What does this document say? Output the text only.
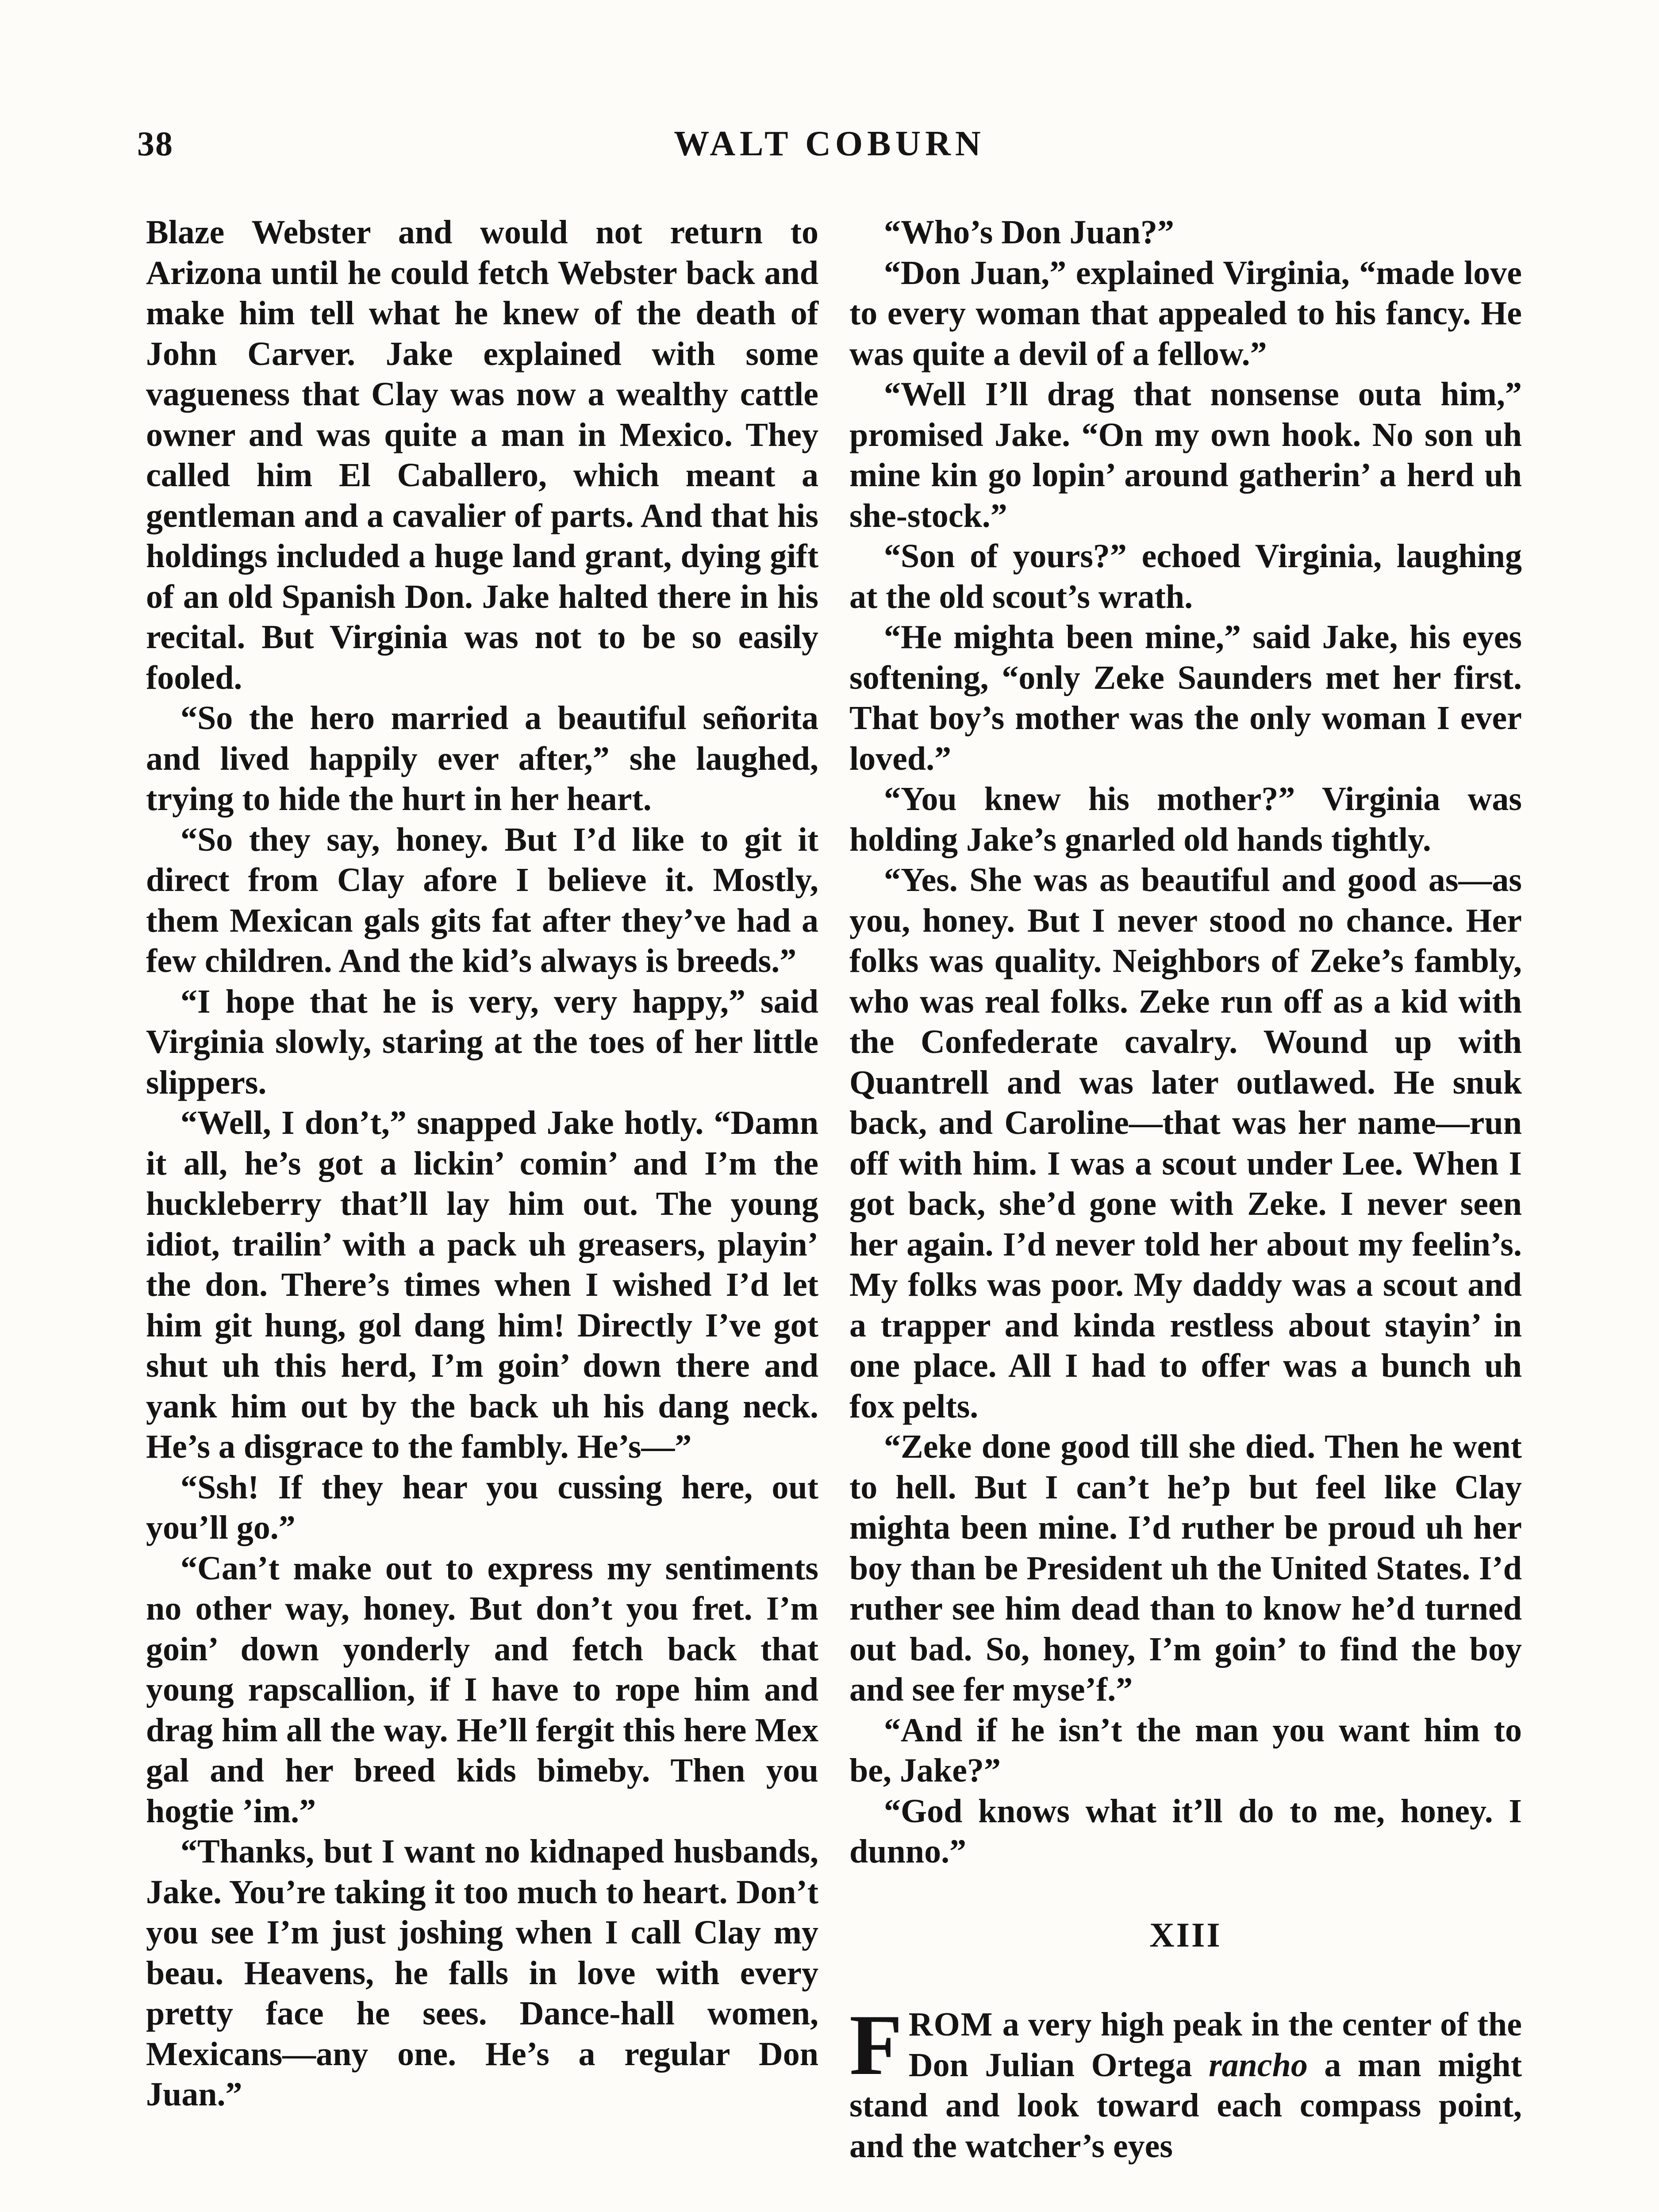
38	WALT COBURN

Blaze Webster and would not return to Arizona until he could fetch Webster back and make him tell what he knew of the death of John Carver. Jake explained with some vagueness that Clay was now a wealthy cattle owner and was quite a man in Mexico. They called him El Caballero, which meant a gentleman and a cavalier of parts. And that his holdings included a huge land grant, dying gift of an old Spanish Don. Jake halted there in his recital. But Virginia was not to be so easily fooled.

“So the hero married a beautiful señorita and lived happily ever after,” she laughed, trying to hide the hurt in her heart.

“So they say, honey. But I’d like to git it direct from Clay afore I believe it. Mostly, them Mexican gals gits fat after they’ve had a few children. And the kid’s always is breeds.”

“I hope that he is very, very happy,” said Virginia slowly, staring at the toes of her little slippers.

“Well, I don’t,” snapped Jake hotly. “Damn it all, he’s got a lickin’ comin’ and I’m the huckleberry that’ll lay him out. The young idiot, trailin’ with a pack uh greasers, playin’ the don. There’s times when I wished I’d let him git hung, gol dang him! Directly I’ve got shut uh this herd, I’m goin’ down there and yank him out by the back uh his dang neck. He’s a disgrace to the fambly. He’s—”

“Ssh! If they hear you cussing here, out you’ll go.”

“Can’t make out to express my sentiments no other way, honey. But don’t you fret. I’m goin’ down yonderly and fetch back that young rapscallion, if I have to rope him and drag him all the way. He’ll fergit this here Mex gal and her breed kids bimeby. Then you hogtie ’im.”

“Thanks, but I want no kidnaped husbands, Jake. You’re taking it too much to heart. Don’t you see I’m just joshing when I call Clay my beau. Heavens, he falls in love with every pretty face he sees. Dance-hall women, Mexicans—any one. He’s a regular Don Juan.”

“Who’s Don Juan?”

“Don Juan,” explained Virginia, “made love to every woman that appealed to his fancy. He was quite a devil of a fellow.”

“Well I’ll drag that nonsense outa him,” promised Jake. “On my own hook. No son uh mine kin go lopin’ around gatherin’ a herd uh she-stock.”

“Son of yours?” echoed Virginia, laughing at the old scout’s wrath.

“He mighta been mine,” said Jake, his eyes softening, “only Zeke Saunders met her first. That boy’s mother was the only woman I ever loved.”

“You knew his mother?” Virginia was holding Jake’s gnarled old hands tightly.

“Yes. She was as beautiful and good as—as you, honey. But I never stood no chance. Her folks was quality. Neighbors of Zeke’s fambly, who was real folks. Zeke run off as a kid with the Confederate cavalry. Wound up with Quantrell and was later outlawed. He snuk back, and Caroline—that was her name—run off with him. I was a scout under Lee. When I got back, she’d gone with Zeke. I never seen her again. I’d never told her about my feelin’s. My folks was poor. My daddy was a scout and a trapper and kinda restless about stayin’ in one place. All I had to offer was a bunch uh fox pelts.

“Zeke done good till she died. Then he went to hell. But I can’t he’p but feel like Clay mighta been mine. I’d ruther be proud uh her boy than be President uh the United States. I’d ruther see him dead than to know he’d turned out bad. So, honey, I’m goin’ to find the boy and see fer myse’f.”

“And if he isn’t the man you want him to be, Jake?”

“God knows what it’ll do to me, honey. I dunno.”

XIII

FROM a very high peak in the center of the Don Julian Ortega rancho a man might stand and look toward each compass point, and the watcher’s eyes
